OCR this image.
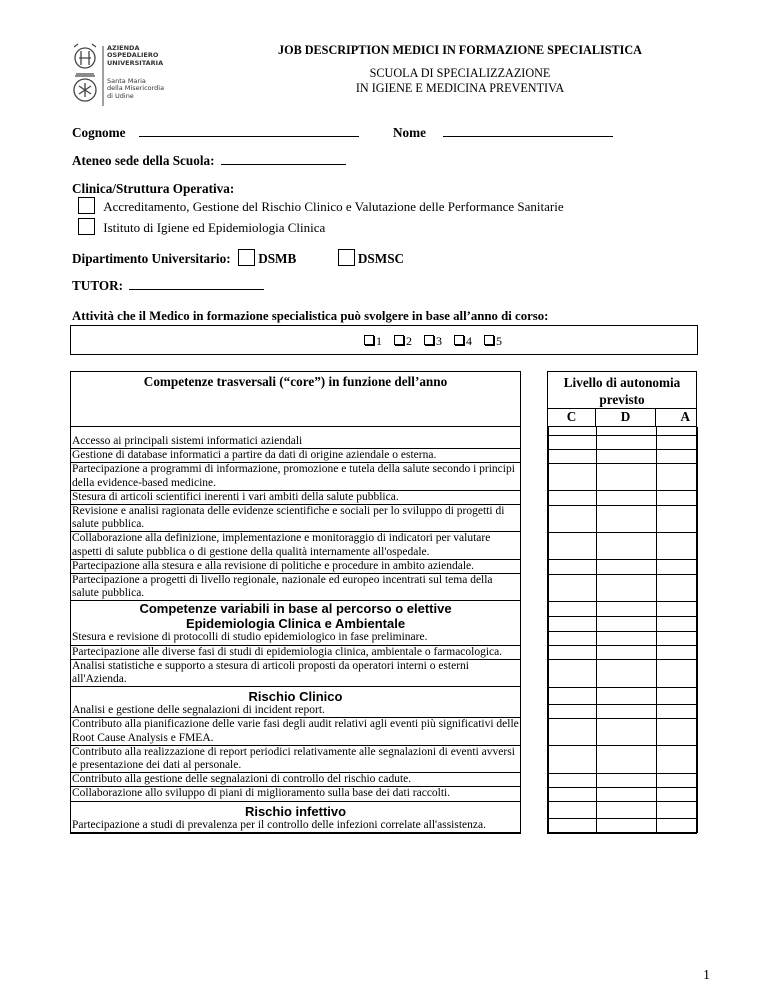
AZIENDA
OSPEDALIERO
UNIVERSITARIA
Santa Maria
della Misericordia
di Udine
JOB DESCRIPTION MEDICI IN FORMAZIONE SPECIALISTICA
SCUOLA DI SPECIALIZZAZIONE
IN IGIENE E MEDICINA PREVENTIVA
Cognome	Nome
Ateneo sede della Scuola:
Clinica/Struttura Operativa:
Accreditamento, Gestione del Rischio Clinico e Valutazione delle Performance Sanitarie
Istituto di Igiene ed Epidemiologia Clinica
Dipartimento Universitario: DSMB	DSMSC
TUTOR:
Attività che il Medico in formazione specialistica può svolgere in base all’anno di corso:
1 2 3 4 5
Competenze trasversali (“core”) in funzione dell’anno		Livello di autonomia previsto
		C	D	A

Accesso ai principali sistemi informatici aziendali
Gestione di database informatici a partire da dati di origine aziendale o esterna.
Partecipazione a programmi di informazione, promozione e tutela della salute secondo i principi della evidence-based medicine.
Stesura di articoli scientifici inerenti i vari ambiti della salute pubblica.
Revisione e analisi ragionata delle evidenze scientifiche e sociali per lo sviluppo di progetti di salute pubblica.
Collaborazione alla definizione, implementazione e monitoraggio di indicatori per valutare aspetti di salute pubblica o di gestione della qualità internamente all'ospedale.
Partecipazione alla stesura e alla revisione di politiche e procedure in ambito aziendale.
Partecipazione a progetti di livello regionale, nazionale ed europeo incentrati sul tema della salute pubblica.
Competenze variabili in base al percorso o elettive
Epidemiologia Clinica e Ambientale
Stesura e revisione di protocolli di studio epidemiologico in fase preliminare.
Partecipazione alle diverse fasi di studi di epidemiologia clinica, ambientale o farmacologica.
Analisi statistiche e supporto a stesura di articoli proposti da operatori interni o esterni all'Azienda.
Rischio Clinico
Analisi e gestione delle segnalazioni di incident report.
Contributo alla pianificazione delle varie fasi degli audit relativi agli eventi più significativi delle Root Cause Analysis e FMEA.
Contributo alla realizzazione di report periodici relativamente alle segnalazioni di eventi avversi e presentazione dei dati al personale.
Contributo alla gestione delle segnalazioni di controllo del rischio cadute.
Collaborazione allo sviluppo di piani di miglioramento sulla base dei dati raccolti.
Rischio infettivo
Partecipazione a studi di prevalenza per il controllo delle infezioni correlate all'assistenza.

1
